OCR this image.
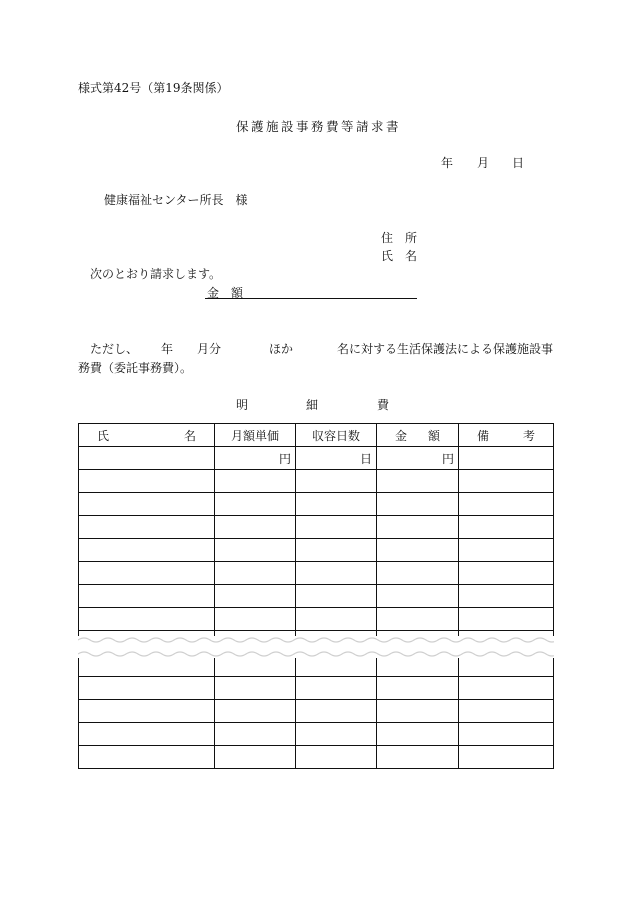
様式第42号（第19条関係）
保護施設事務費等請求書
年 月 日
健康福祉センター所長　様
住　所
氏　名
次のとおり請求します。
金　額
ただし、 年 月分	ほか	名に対する生活保護法による保護施設事
務費（委託事務費）。
明	細	費
氏 名	月額単価	収容日数	金 額	備 考

	円	日	円	
